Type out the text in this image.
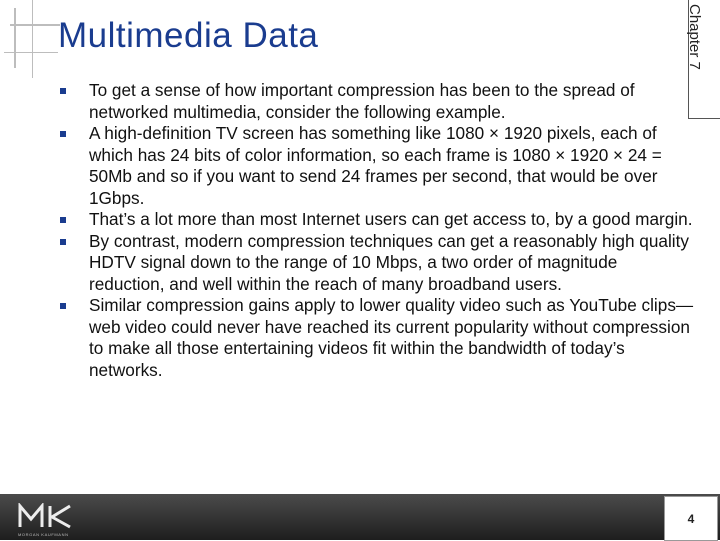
Multimedia Data	Chapter 7
To get a sense of how important compression has been to the spread of networked multimedia, consider the following example.
A high-definition TV screen has something like 1080 × 1920 pixels, each of which has 24 bits of color information, so each frame is 1080 × 1920 × 24 = 50Mb and so if you want to send 24 frames per second, that would be over 1Gbps.
That’s a lot more than most Internet users can get access to, by a good margin.
By contrast, modern compression techniques can get a reasonably high quality HDTV signal down to the range of 10 Mbps, a two order of magnitude reduction, and well within the reach of many broadband users.
Similar compression gains apply to lower quality video such as YouTube clips—web video could never have reached its current popularity without compression to make all those entertaining videos fit within the bandwidth of today’s networks.
MORGAN KAUFMANN
4
